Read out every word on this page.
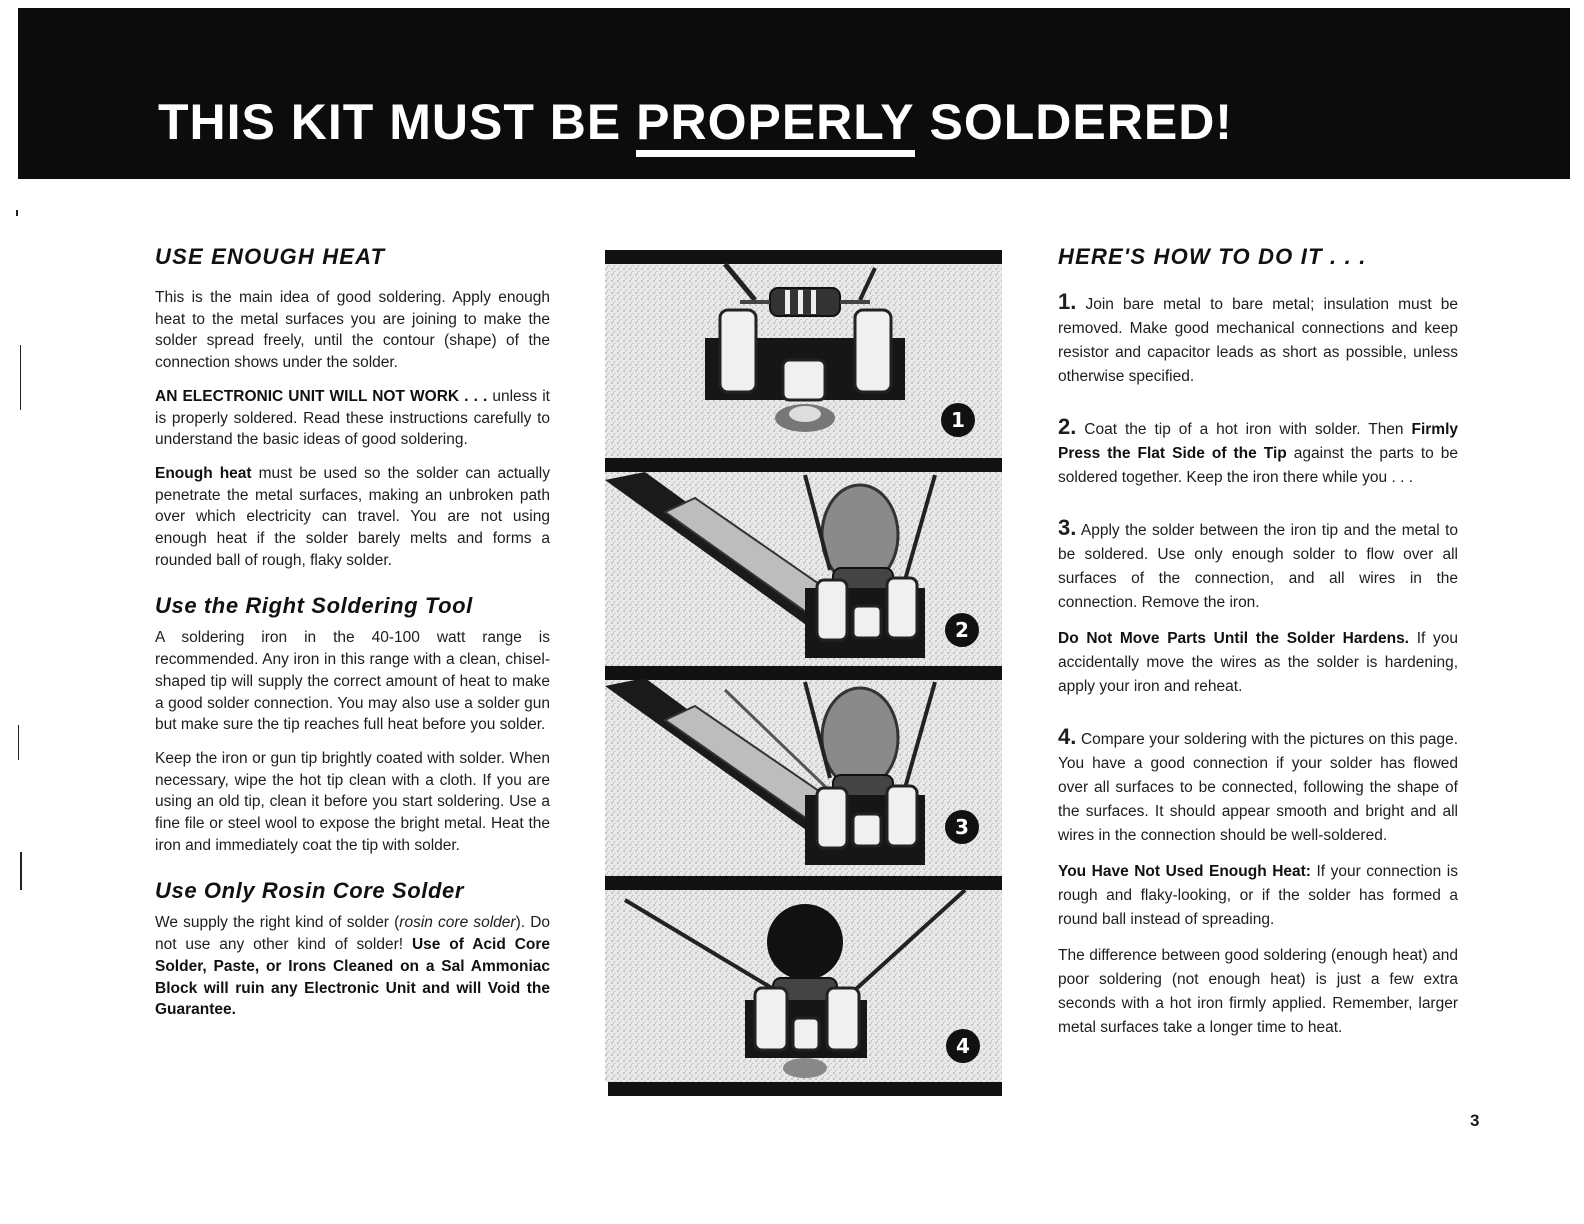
THIS KIT MUST BE PROPERLY SOLDERED!
USE ENOUGH HEAT

This is the main idea of good soldering. Apply enough heat to the metal surfaces you are joining to make the solder spread freely, until the contour (shape) of the connection shows under the solder.

AN ELECTRONIC UNIT WILL NOT WORK . . . unless it is properly soldered. Read these instructions carefully to understand the basic ideas of good soldering.

Enough heat must be used so the solder can actually penetrate the metal surfaces, making an unbroken path over which electricity can travel. You are not using enough heat if the solder barely melts and forms a rounded ball of rough, flaky solder.

Use the Right Soldering Tool

A soldering iron in the 40-100 watt range is recommended. Any iron in this range with a clean, chisel-shaped tip will supply the correct amount of heat to make a good solder connection. You may also use a solder gun but make sure the tip reaches full heat before you solder.

Keep the iron or gun tip brightly coated with solder. When necessary, wipe the hot tip clean with a cloth. If you are using an old tip, clean it before you start soldering. Use a fine file or steel wool to expose the bright metal. Heat the iron and immediately coat the tip with solder.

Use Only Rosin Core Solder

We supply the right kind of solder (rosin core solder). Do not use any other kind of solder! Use of Acid Core Solder, Paste, or Irons Cleaned on a Sal Ammoniac Block will ruin any Electronic Unit and will Void the Guarantee.

1
2
3
4
HERE'S HOW TO DO IT . . .

1. Join bare metal to bare metal; insulation must be removed. Make good mechanical connections and keep resistor and capacitor leads as short as possible, unless otherwise specified.

2. Coat the tip of a hot iron with solder. Then Firmly Press the Flat Side of the Tip against the parts to be soldered together. Keep the iron there while you . . .

3. Apply the solder between the iron tip and the metal to be soldered. Use only enough solder to flow over all surfaces of the connection, and all wires in the connection. Remove the iron.

Do Not Move Parts Until the Solder Hardens. If you accidentally move the wires as the solder is hardening, apply your iron and reheat.

4. Compare your soldering with the pictures on this page. You have a good connection if your solder has flowed over all surfaces to be connected, following the shape of the surfaces. It should appear smooth and bright and all wires in the connection should be well-soldered.

You Have Not Used Enough Heat: If your connection is rough and flaky-looking, or if the solder has formed a round ball instead of spreading.

The difference between good soldering (enough heat) and poor soldering (not enough heat) is just a few extra seconds with a hot iron firmly applied. Remember, larger metal surfaces take a longer time to heat.

3
